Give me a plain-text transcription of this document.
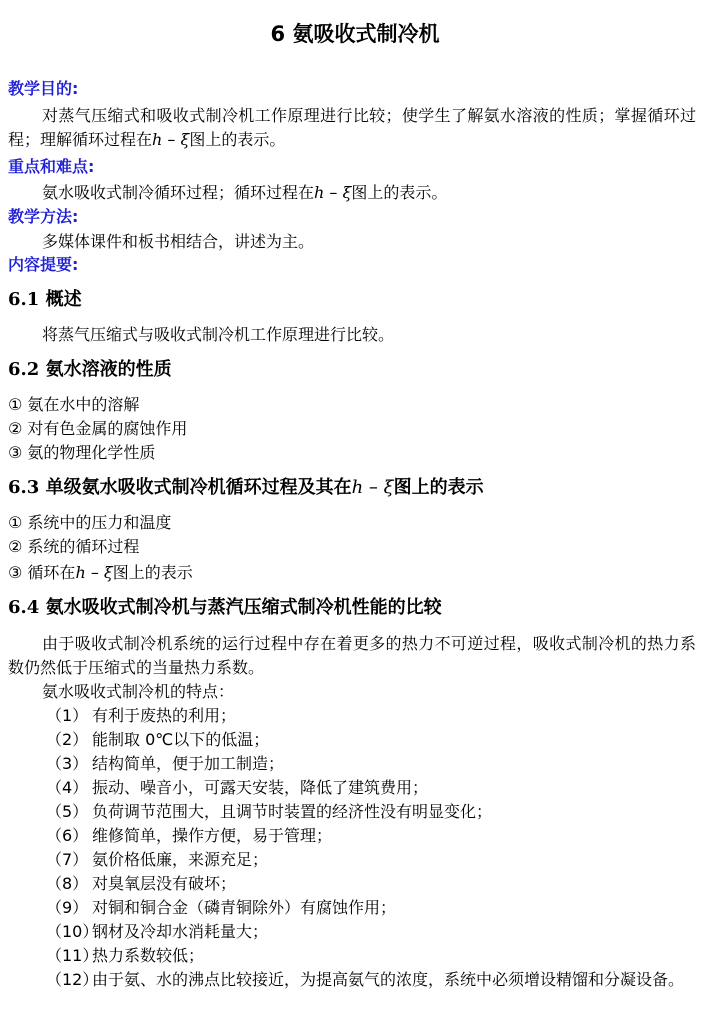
6 氨吸收式制冷机
教学目的:
对蒸气压缩式和吸收式制冷机工作原理进行比较；使学生了解氨水溶液的性质；掌握循环过程；理解循环过程在h – ξ图上的表示。
重点和难点:
氨水吸收式制冷循环过程；循环过程在h – ξ图上的表示。
教学方法:
多媒体课件和板书相结合，讲述为主。
内容提要:
6.1 概述
将蒸气压缩式与吸收式制冷机工作原理进行比较。
6.2 氨水溶液的性质
① 氨在水中的溶解
② 对有色金属的腐蚀作用
③ 氨的物理化学性质
6.3 单级氨水吸收式制冷机循环过程及其在h – ξ图上的表示
① 系统中的压力和温度
② 系统的循环过程
③ 循环在h – ξ图上的表示
6.4 氨水吸收式制冷机与蒸汽压缩式制冷机性能的比较
由于吸收式制冷机系统的运行过程中存在着更多的热力不可逆过程，吸收式制冷机的热力系数仍然低于压缩式的当量热力系数。
氨水吸收式制冷机的特点：
（1） 有利于废热的利用；
（2） 能制取 0℃以下的低温；
（3） 结构简单，便于加工制造；
（4） 振动、噪音小，可露天安装，降低了建筑费用；
（5） 负荷调节范围大，且调节时装置的经济性没有明显变化；
（6） 维修简单，操作方便，易于管理；
（7） 氨价格低廉，来源充足；
（8） 对臭氧层没有破坏；
（9） 对铜和铜合金（磷青铜除外）有腐蚀作用；
（10）
钢材及冷却水消耗量大；
（11）
热力系数较低；
（12）
由于氨、水的沸点比较接近，为提高氨气的浓度，系统中必须增设精馏和分凝设备。
